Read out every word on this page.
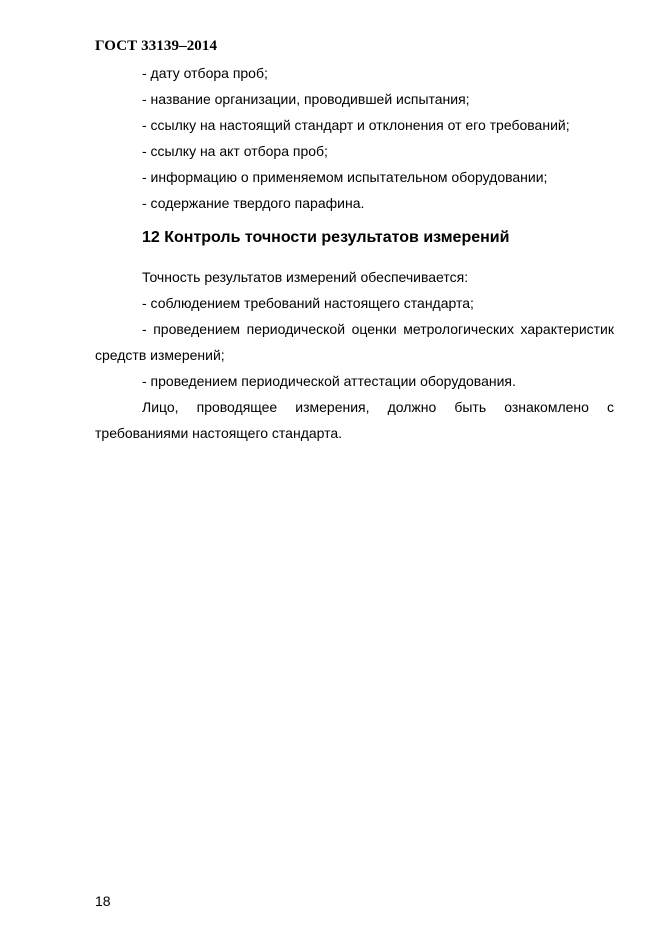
ГОСТ 33139–2014

- дату отбора проб;

- название организации, проводившей испытания;

- ссылку на настоящий стандарт и отклонения от его требований;

- ссылку на акт отбора проб;

- информацию о применяемом испытательном оборудовании;

- содержание твердого парафина.

12 Контроль точности результатов измерений

Точность результатов измерений обеспечивается:

- соблюдением требований настоящего стандарта;

- проведением периодической оценки метрологических характеристик средств измерений;

- проведением периодической аттестации оборудования.

Лицо, проводящее измерения, должно быть ознакомлено с требованиями настоящего стандарта.

18
